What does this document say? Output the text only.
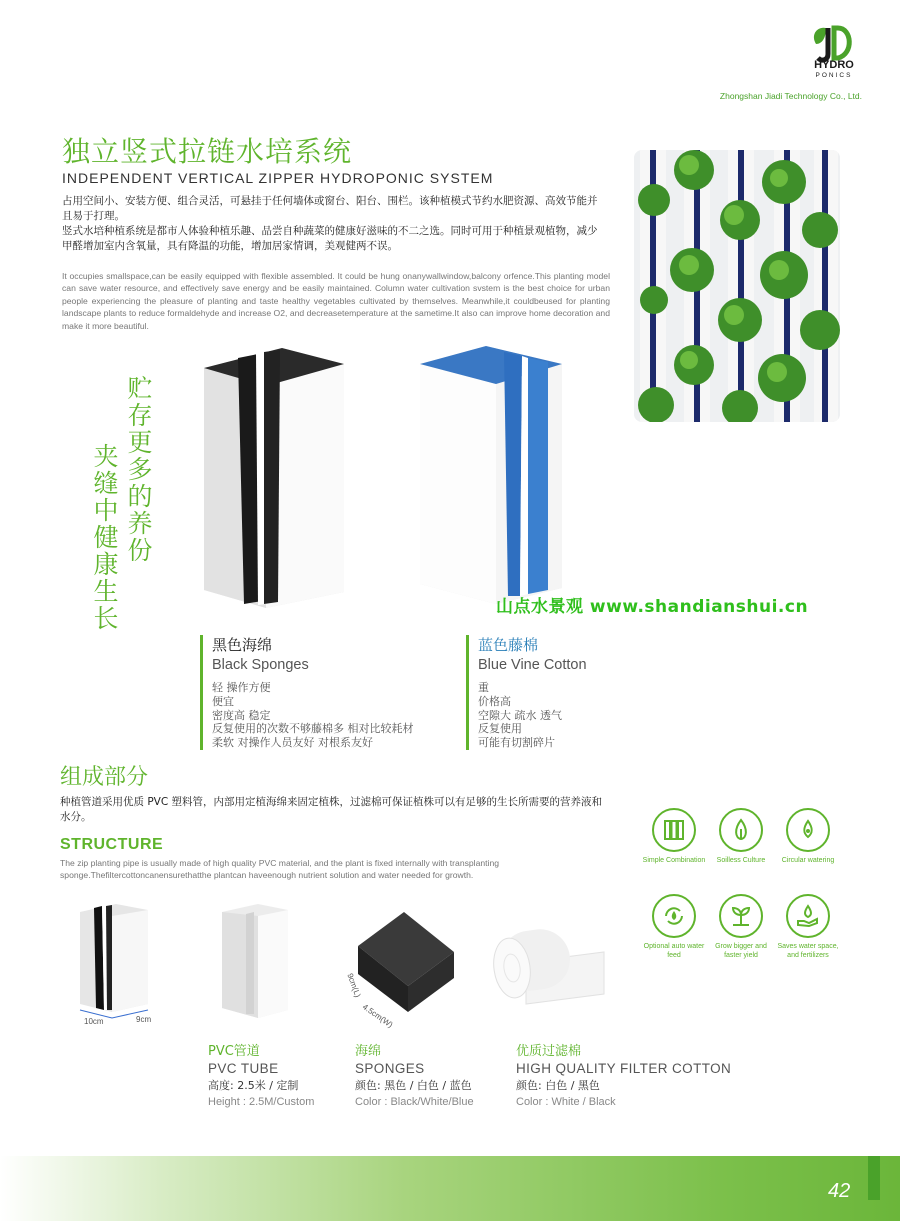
HYDRO
PONICS
Zhongshan Jiadi Technology Co., Ltd.
独立竖式拉链水培系统
INDEPENDENT VERTICAL ZIPPER HYDROPONIC SYSTEM

占用空间小、安装方便、组合灵活，可悬挂于任何墙体或窗台、阳台、围栏。该种植模式节约水肥资源、高效节能并且易于打理。

竖式水培种植系统是都市人体验种植乐趣、品尝自种蔬菜的健康好滋味的不二之选。同时可用于种植景观植物，减少甲醛增加室内含氧量，具有降温的功能，增加居家情调，美观健两不误。

It occupies smallspace,can be easily equipped with flexible assembled. It could be hung onanywallwindow,balcony orfence.This planting model can save water resource, and effectively save energy and be easily maintained. Column water cultivation svstem is the best choice for urban people experiencing the pleasure of planting and taste healthy vegetables cultivated by themselves. Meanwhile,it couldbeused for planting landscape plants to reduce formaldehyde and increase O2, and decreasetemperature at the sametime.It also can improve home decoration and make it more beautiful.
贮存更多的养份
夹缝中健康生长	山点水景观 www.shandianshui.cn
黑色海绵
Black Sponges
轻 操作方便
便宜
密度高 稳定
反复使用的次数不够藤棉多 相对比较耗材
柔软 对操作人员友好 对根系友好
蓝色藤棉
Blue Vine Cotton
重
价格高
空隙大 疏水 透气
反复使用
可能有切割碎片
组成部分
种植管道采用优质 PVC 塑料管，内部用定植海绵来固定植株，过滤棉可保证植株可以有足够的生长所需要的营养液和水分。
STRUCTURE
The zip planting pipe is usually made of high quality PVC material, and the plant is fixed internally with transplanting sponge.Thefiltercottoncanensurethatthe plantcan haveenough nutrient solution and water needed for growth.
Simple Combination	Soilless Culture	Circular watering
Optional auto water feed
Grow bigger and faster yield
Saves water space, and fertilizers
10cm	9cm
9cm(L)
4.5cm(W)
PVC管道
PVC TUBE
高度: 2.5米 / 定制
Height : 2.5M/Custom
海绵
SPONGES
颜色: 黑色 / 白色 / 蓝色
Color : Black/White/Blue
优质过滤棉
HIGH QUALITY FILTER COTTON
颜色: 白色 / 黑色
Color : White / Black
42
